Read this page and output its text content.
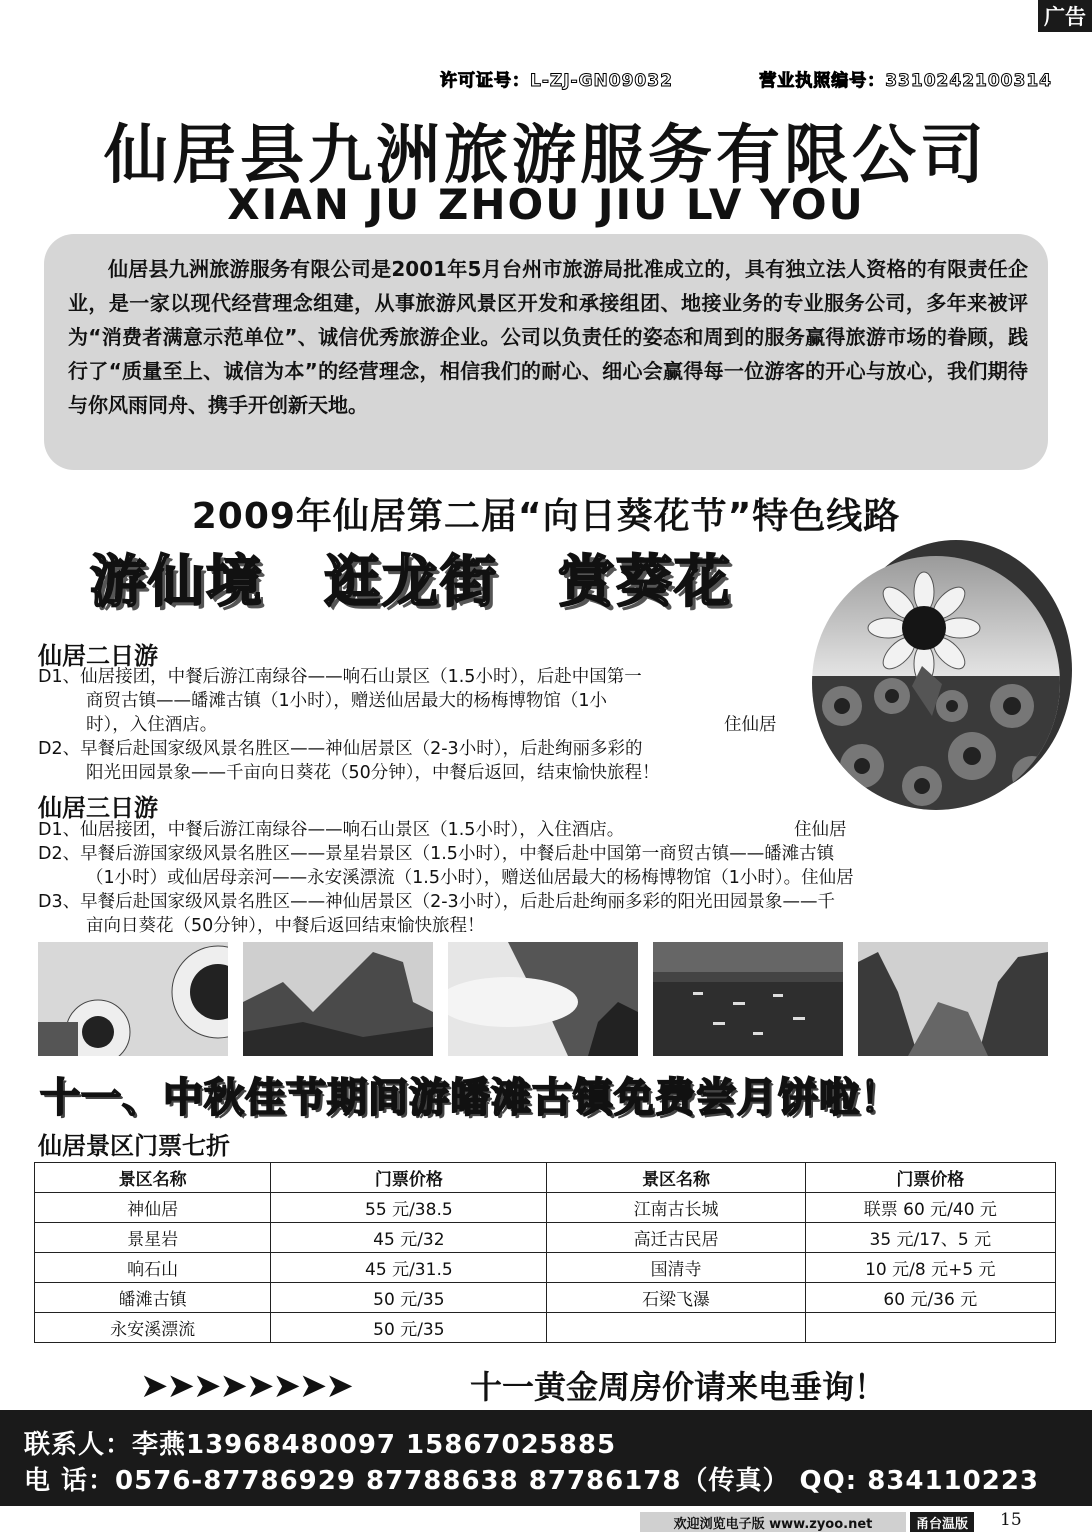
广告
许可证号：L-ZJ-GN09032	营业执照编号：3310242100314
仙居县九洲旅游服务有限公司
XIAN JU ZHOU JIU LV YOU
仙居县九洲旅游服务有限公司是2001年5月台州市旅游局批准成立的，具有独立法人资格的有限责任企业，是一家以现代经营理念组建，从事旅游风景区开发和承接组团、地接业务的专业服务公司，多年来被评为“消费者满意示范单位”、诚信优秀旅游企业。公司以负责任的姿态和周到的服务赢得旅游市场的眷顾，践行了“质量至上、诚信为本”的经营理念，相信我们的耐心、细心会赢得每一位游客的开心与放心，我们期待与你风雨同舟、携手开创新天地。
2009年仙居第二届“向日葵花节”特色线路
游仙境 逛龙街 赏葵花
仙居二日游
D1、仙居接团，中餐后游江南绿谷——响石山景区（1.5小时），后赴中国第一
商贸古镇——皤滩古镇（1小时），赠送仙居最大的杨梅博物馆（1小
时），入住酒店。	住仙居
D2、早餐后赴国家级风景名胜区——神仙居景区（2-3小时），后赴绚丽多彩的
阳光田园景象——千亩向日葵花（50分钟），中餐后返回，结束愉快旅程！
仙居三日游
D1、仙居接团，中餐后游江南绿谷——响石山景区（1.5小时），入住酒店。	住仙居
D2、早餐后游国家级风景名胜区——景星岩景区（1.5小时），中餐后赴中国第一商贸古镇——皤滩古镇
（1小时）或仙居母亲河——永安溪漂流（1.5小时），赠送仙居最大的杨梅博物馆（1小时）。住仙居
D3、早餐后赴国家级风景名胜区——神仙居景区（2-3小时），后赴后赴绚丽多彩的阳光田园景象——千
亩向日葵花（50分钟），中餐后返回结束愉快旅程！
十一、中秋佳节期间游皤滩古镇免费尝月饼啦！
仙居景区门票七折
景区名称	门票价格	景区名称	门票价格
神仙居	55 元/38.5	江南古长城	联票 60 元/40 元
景星岩	45 元/32	高迁古民居	35 元/17、5 元
响石山	45 元/31.5	国清寺	10 元/8 元+5 元
皤滩古镇	50 元/35	石梁飞瀑	60 元/36 元
永安溪漂流	50 元/35		
➤➤➤➤➤➤➤➤	十一黄金周房价请来电垂询！
联系人：李燕13968480097 15867025885
电 话：0576-87786929 87788638 87786178（传真） QQ: 834110223
欢迎浏览电子版 www.zyoo.net	甬台温版	15
